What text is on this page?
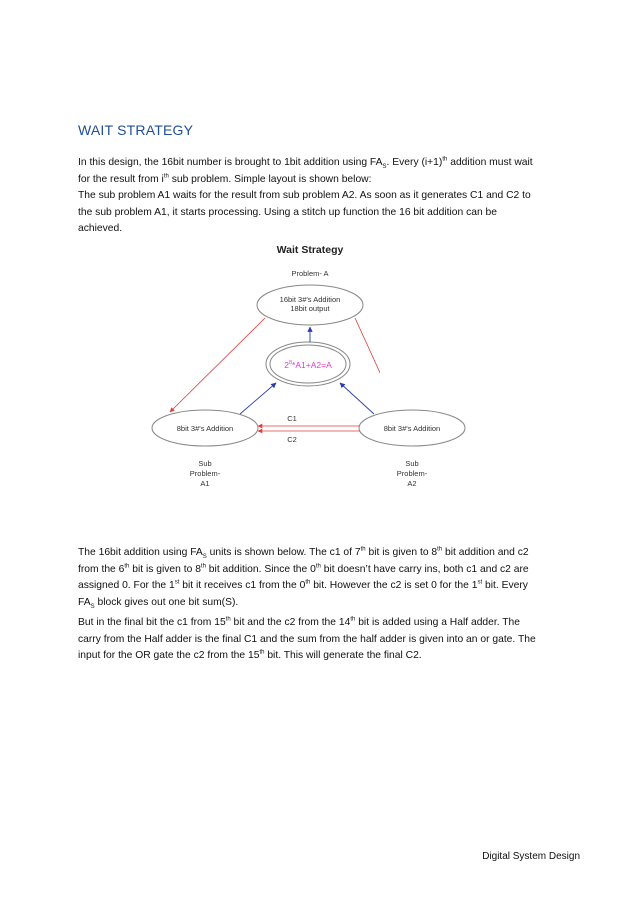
WAIT STRATEGY

In this design, the 16bit number is brought to 1bit addition using $FA_S$. Every $(i+1)^{th}$ addition must wait

for the result from $i^{th}$ sub problem. Simple layout is shown below:

The sub problem A1 waits for the result from sub problem A2. As soon as it generates C1 and C2 to

the sub problem A1, it starts processing. Using a stitch up function the 16 bit addition can be

achieved.

Wait Strategy
Problem- A
16bit 3#'s Addition
18bit output
$2^8*A1+A2=A$
8bit 3#'s Addition
C1
C2
Sub
Problem-
A1
8bit 3#'s Addition
Sub
Problem-
A2

The 16bit addition using $FA_S$ units is shown below. The c1 of 7th bit is given to 8th bit addition and c2

from the 6th bit is given to 8th bit addition. Since the 0th bit doesn’t have carry ins, both c1 and c2 are

assigned 0. For the 1st bit it receives c1 from the 0th bit. However the c2 is set 0 for the 1st bit. Every

$FA_S$ block gives out one bit sum(S).

But in the final bit the c1 from 15th bit and the c2 from the 14th bit is added using a Half adder. The

carry from the Half adder is the final C1 and the sum from the half adder is given into an or gate. The

input for the OR gate the c2 from the 15th bit. This will generate the final C2.

Digital System Design
